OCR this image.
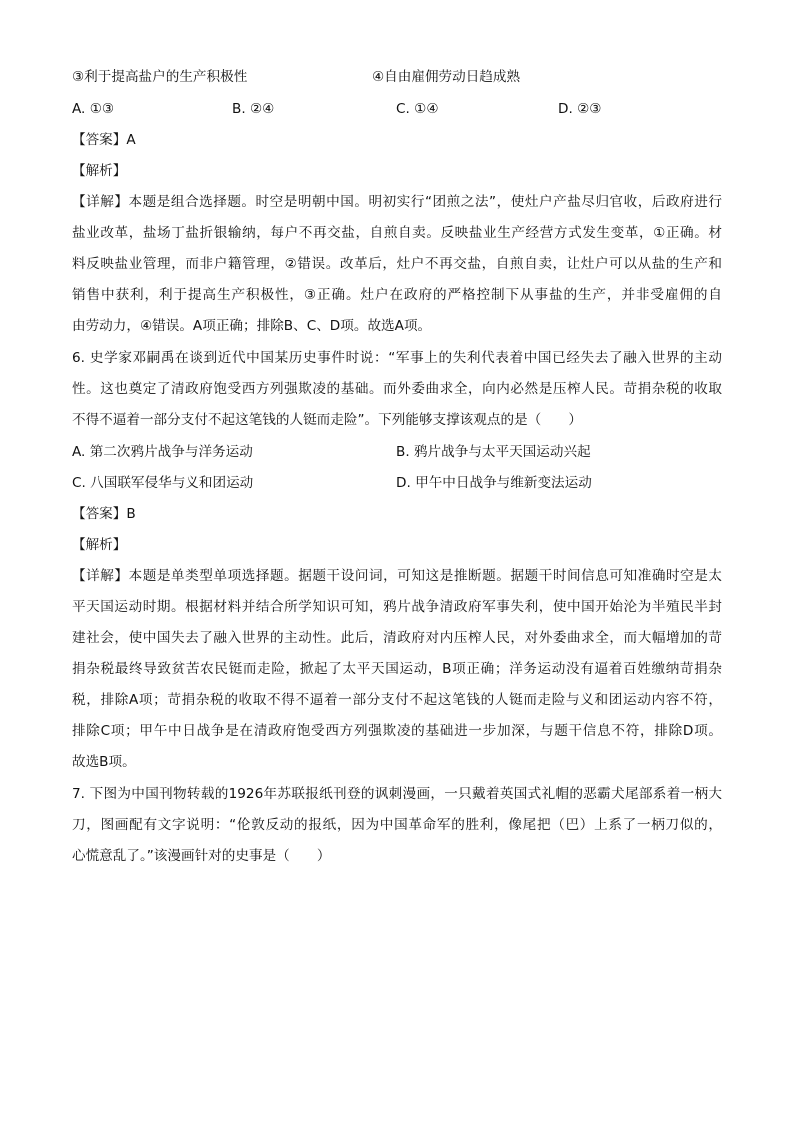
③利于提高盐户的生产积极性	④自由雇佣劳动日趋成熟
A. ①③	B. ②④	C. ①④	D. ②③
【答案】A
【解析】
【详解】本题是组合选择题。时空是明朝中国。明初实行“团煎之法”，使灶户产盐尽归官收，后政府进行
盐业改革，盐场丁盐折银输纳，每户不再交盐，自煎自卖。反映盐业生产经营方式发生变革，①正确。材
料反映盐业管理，而非户籍管理，②错误。改革后，灶户不再交盐，自煎自卖，让灶户可以从盐的生产和
销售中获利，利于提高生产积极性，③正确。灶户在政府的严格控制下从事盐的生产，并非受雇佣的自
由劳动力，④错误。A项正确；排除B、C、D项。故选A项。
6. 史学家邓嗣禹在谈到近代中国某历史事件时说：“军事上的失利代表着中国已经失去了融入世界的主动
性。这也奠定了清政府饱受西方列强欺凌的基础。而外委曲求全，向内必然是压榨人民。苛捐杂税的收取
不得不逼着一部分支付不起这笔钱的人铤而走险”。下列能够支撑该观点的是（　　）
A. 第二次鸦片战争与洋务运动	B. 鸦片战争与太平天国运动兴起
C. 八国联军侵华与义和团运动	D. 甲午中日战争与维新变法运动
【答案】B
【解析】
【详解】本题是单类型单项选择题。据题干设问词，可知这是推断题。据题干时间信息可知准确时空是太
平天国运动时期。根据材料并结合所学知识可知，鸦片战争清政府军事失利，使中国开始沦为半殖民半封
建社会，使中国失去了融入世界的主动性。此后，清政府对内压榨人民，对外委曲求全，而大幅增加的苛
捐杂税最终导致贫苦农民铤而走险，掀起了太平天国运动，B项正确；洋务运动没有逼着百姓缴纳苛捐杂
税，排除A项；苛捐杂税的收取不得不逼着一部分支付不起这笔钱的人铤而走险与义和团运动内容不符，
排除C项；甲午中日战争是在清政府饱受西方列强欺凌的基础进一步加深，与题干信息不符，排除D项。
故选B项。
7. 下图为中国刊物转载的1926年苏联报纸刊登的讽刺漫画，一只戴着英国式礼帽的恶霸犬尾部系着一柄大
刀，图画配有文字说明：“伦敦反动的报纸，因为中国革命军的胜利，像尾把（巴）上系了一柄刀似的，
心慌意乱了。”该漫画针对的史事是（　　）
